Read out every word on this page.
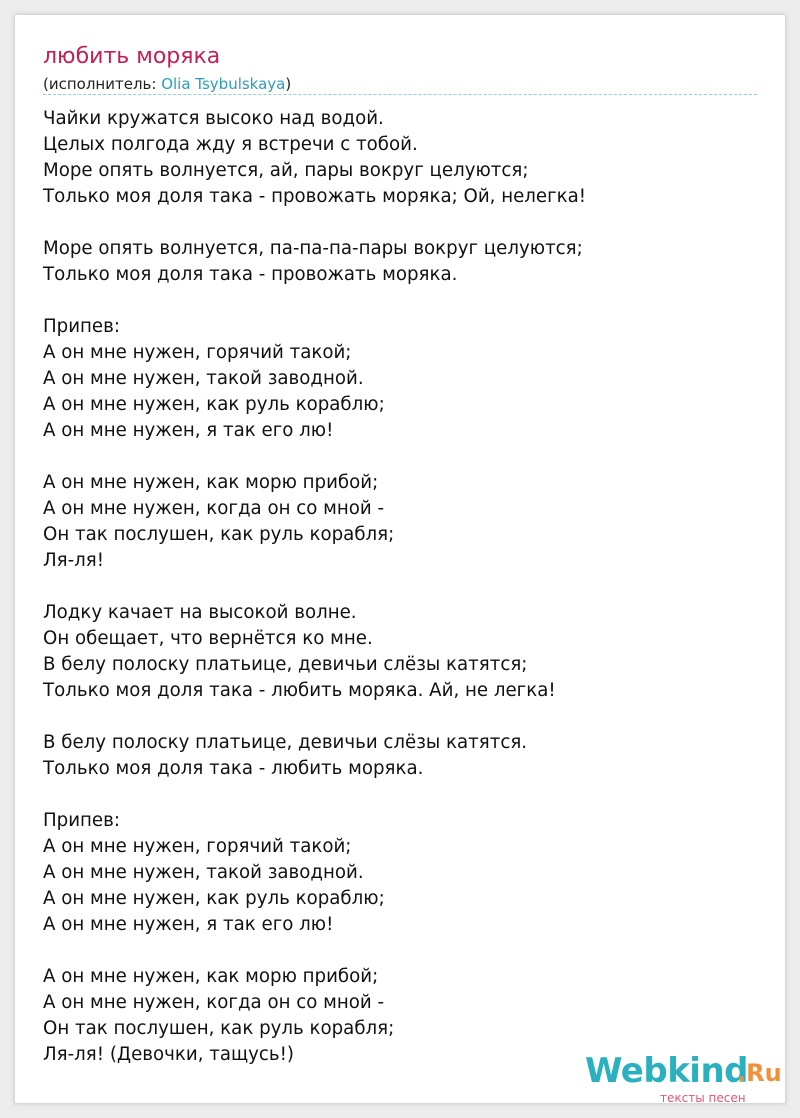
любить моряка
(исполнитель: Olia Tsybulskaya)
Чайки кружатся высоко над водой.
Целых полгода жду я встречи с тобой.
Море опять волнуется, ай, пары вокруг целуются;
Только моя доля така - провожать моряка; Ой, нелегка!
Море опять волнуется, па-па-па-пары вокруг целуются;
Только моя доля така - провожать моряка.
Припев:
А он мне нужен, горячий такой;
А он мне нужен, такой заводной.
А он мне нужен, как руль кораблю;
А он мне нужен, я так его лю!
А он мне нужен, как морю прибой;
А он мне нужен, когда он со мной -
Он так послушен, как руль корабля;
Ля-ля!
Лодку качает на высокой волне.
Он обещает, что вернётся ко мне.
В белу полоску платьице, девичьи слёзы катятся;
Только моя доля така - любить моряка. Ай, не легка!
В белу полоску платьице, девичьи слёзы катятся.
Только моя доля така - любить моряка.
Припев:
А он мне нужен, горячий такой;
А он мне нужен, такой заводной.
А он мне нужен, как руль кораблю;
А он мне нужен, я так его лю!
А он мне нужен, как морю прибой;
А он мне нужен, когда он со мной -
Он так послушен, как руль корабля;
Ля-ля! (Девочки, тащусь!)	Webkind
.Ru
тексты песен
